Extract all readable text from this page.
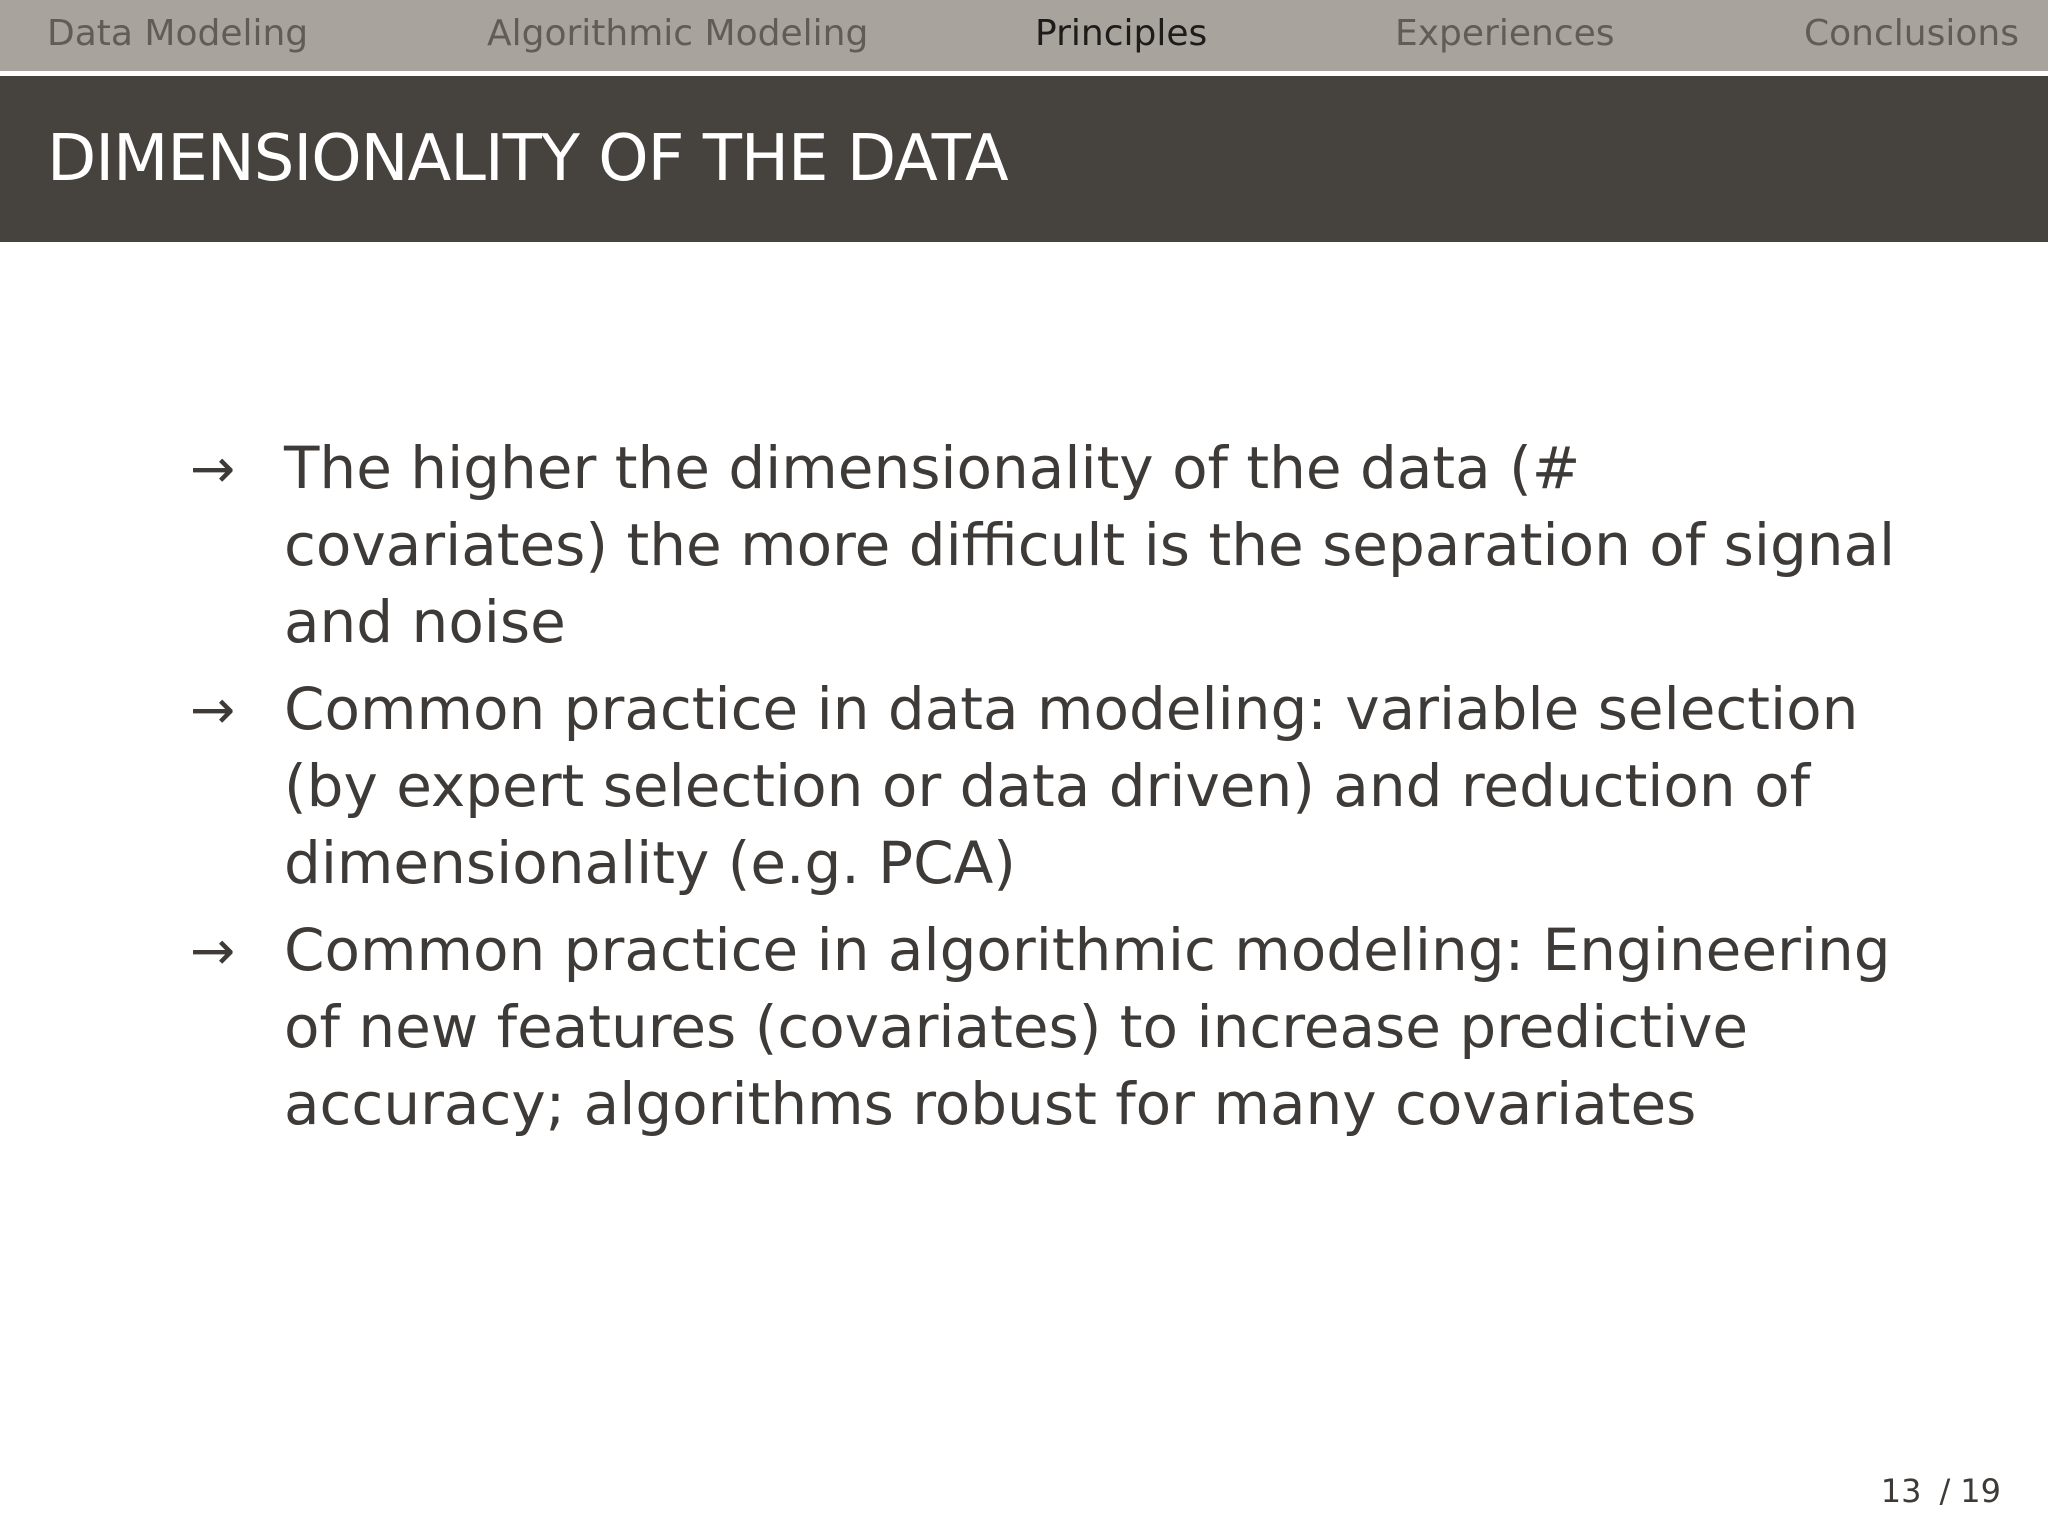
Data Modeling	Algorithmic Modeling	Principles	Experiences	Conclusions
DIMENSIONALITY OF THE DATA
→ The higher the dimensionality of the data (# covariates) the more difficult is the separation of signal and noise
→ Common practice in data modeling: variable selection (by expert selection or data driven) and reduction of dimensionality (e.g. PCA)
→ Common practice in algorithmic modeling: Engineering of new features (covariates) to increase predictive accuracy; algorithms robust for many covariates
13 / 19
